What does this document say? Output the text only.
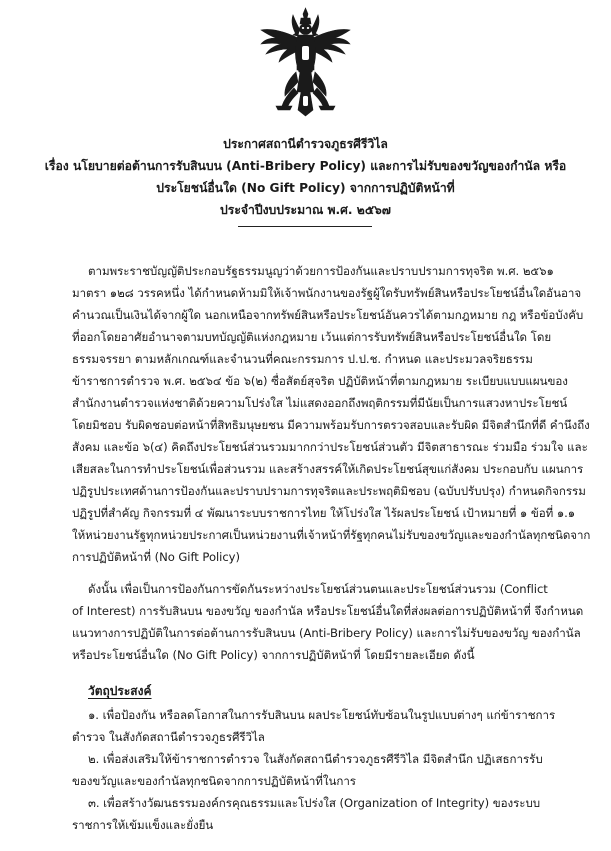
ประกาศสถานีตำรวจภูธรศีรีวิไล
เรื่อง นโยบายต่อต้านการรับสินบน (Anti-Bribery Policy) และการไม่รับของขวัญของกำนัล หรือ
ประโยชน์อื่นใด (No Gift Policy) จากการปฏิบัติหน้าที่
ประจำปีงบประมาณ พ.ศ. ๒๕๖๗
ตามพระราชบัญญัติประกอบรัฐธรรมนูญว่าด้วยการป้องกันและปราบปรามการทุจริต พ.ศ. ๒๕๖๑
มาตรา ๑๒๘ วรรคหนึ่ง ได้กำหนดห้ามมิให้เจ้าพนักงานของรัฐผู้ใดรับทรัพย์สินหรือประโยชน์อื่นใดอันอาจ
คำนวณเป็นเงินได้จากผู้ใด นอกเหนือจากทรัพย์สินหรือประโยชน์อันควรได้ตามกฎหมาย กฎ หรือข้อบังคับ
ที่ออกโดยอาศัยอำนาจตามบทบัญญัติแห่งกฎหมาย เว้นแต่การรับทรัพย์สินหรือประโยชน์อื่นใด โดย
ธรรมจรรยา ตามหลักเกณฑ์และจำนวนที่คณะกรรมการ ป.ป.ช. กำหนด และประมวลจริยธรรม
ข้าราชการตำรวจ พ.ศ. ๒๕๖๔ ข้อ ๖(๒) ซื่อสัตย์สุจริต ปฏิบัติหน้าที่ตามกฎหมาย ระเบียบแบบแผนของ
สำนักงานตำรวจแห่งชาติด้วยความโปร่งใส ไม่แสดงออกถึงพฤติกรรมที่มีนัยเป็นการแสวงหาประโยชน์
โดยมิชอบ รับผิดชอบต่อหน้าที่สิทธิมนุษยชน มีความพร้อมรับการตรวจสอบและรับผิด มีจิตสำนึกที่ดี คำนึงถึง
สังคม และข้อ ๖(๔) คิดถึงประโยชน์ส่วนรวมมากกว่าประโยชน์ส่วนตัว มีจิตสาธารณะ ร่วมมือ ร่วมใจ และ
เสียสละในการทำประโยชน์เพื่อส่วนรวม และสร้างสรรค์ให้เกิดประโยชน์สุขแก่สังคม ประกอบกับ แผนการ
ปฏิรูปประเทศด้านการป้องกันและปราบปรามการทุจริตและประพฤติมิชอบ (ฉบับปรับปรุง) กำหนดกิจกรรม
ปฏิรูปที่สำคัญ กิจกรรมที่ ๔ พัฒนาระบบราชการไทย ให้โปร่งใส ไร้ผลประโยชน์ เป้าหมายที่ ๑ ข้อที่ ๑.๑
ให้หน่วยงานรัฐทุกหน่วยประกาศเป็นหน่วยงานที่เจ้าหน้าที่รัฐทุกคนไม่รับของขวัญและของกำนัลทุกชนิดจาก
การปฏิบัติหน้าที่ (No Gift Policy)
ดังนั้น เพื่อเป็นการป้องกันการขัดกันระหว่างประโยชน์ส่วนตนและประโยชน์ส่วนรวม (Conflict
of Interest) การรับสินบน ของขวัญ ของกำนัล หรือประโยชน์อื่นใดที่ส่งผลต่อการปฏิบัติหน้าที่ จึงกำหนด
แนวทางการปฏิบัติในการต่อต้านการรับสินบน (Anti-Bribery Policy) และการไม่รับของขวัญ ของกำนัล
หรือประโยชน์อื่นใด (No Gift Policy) จากการปฏิบัติหน้าที่ โดยมีรายละเอียด ดังนี้
วัตถุประสงค์
๑. เพื่อป้องกัน หรือลดโอกาสในการรับสินบน ผลประโยชน์ทับซ้อนในรูปแบบต่างๆ แก่ข้าราชการ
ตำรวจ ในสังกัดสถานีตำรวจภูธรศีรีวิไล
๒. เพื่อส่งเสริมให้ข้าราชการตำรวจ ในสังกัดสถานีตำรวจภูธรศีรีวิไล มีจิตสำนึก ปฏิเสธการรับ
ของขวัญและของกำนัลทุกชนิดจากการปฏิบัติหน้าที่ในการ
๓. เพื่อสร้างวัฒนธรรมองค์กรคุณธรรมและโปร่งใส (Organization of Integrity) ของระบบ
ราชการให้เข้มแข็งและยั่งยืน
